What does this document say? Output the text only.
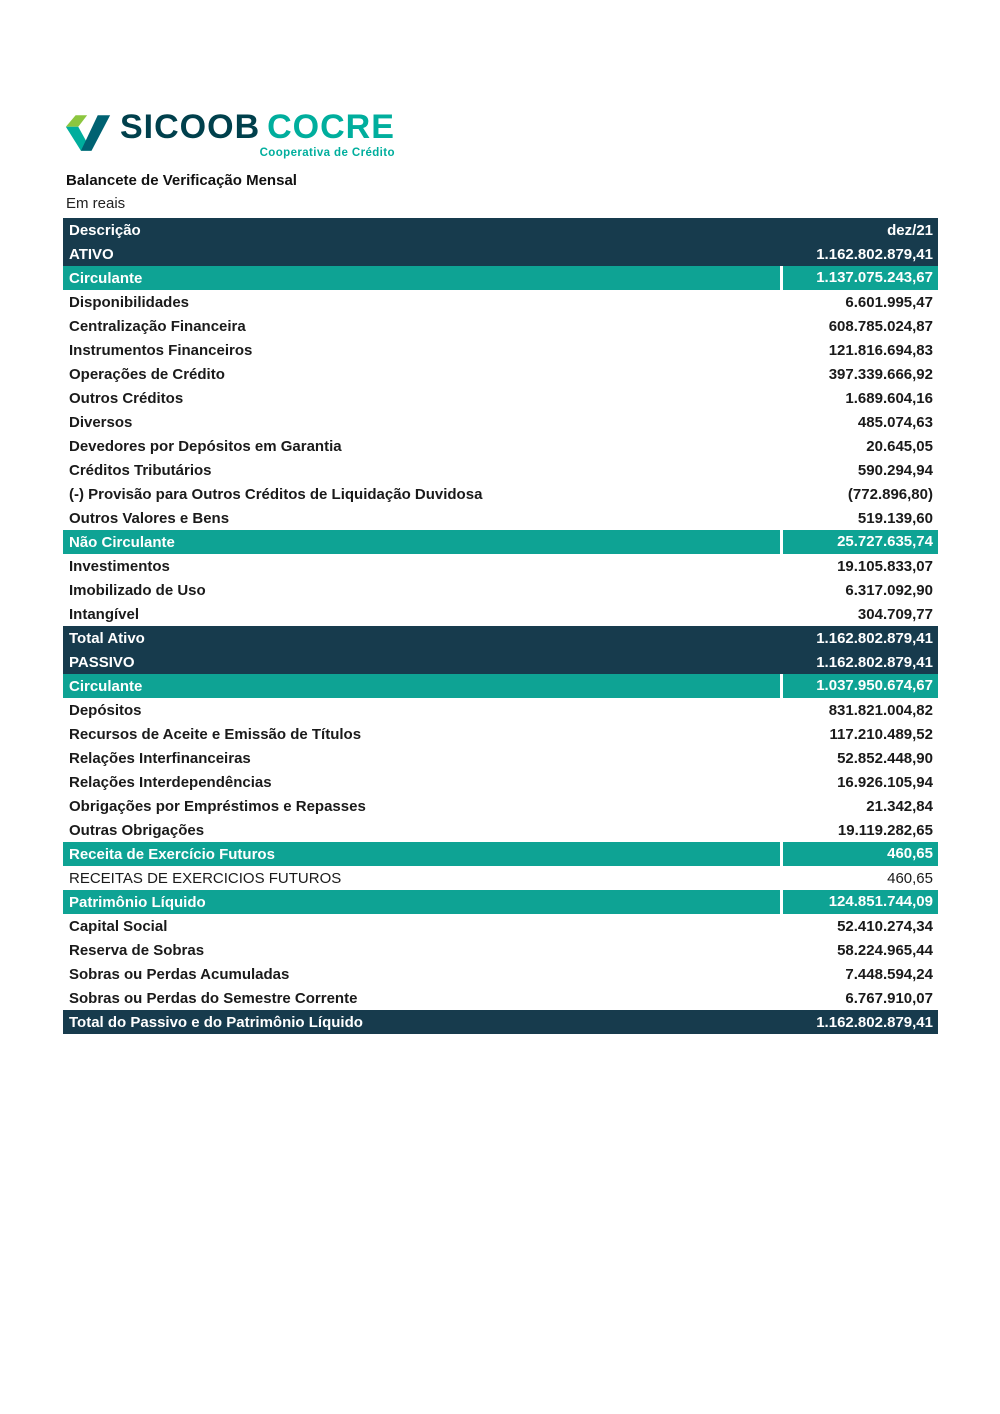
SICOOB COCRE
Cooperativa de Crédito
Balancete de Verificação Mensal
Em reais
Descrição	dez/21
ATIVO	1.162.802.879,41
Circulante	1.137.075.243,67
Disponibilidades	6.601.995,47
Centralização Financeira	608.785.024,87
Instrumentos Financeiros	121.816.694,83
Operações de Crédito	397.339.666,92
Outros Créditos	1.689.604,16
Diversos	485.074,63
Devedores por Depósitos em Garantia	20.645,05
Créditos Tributários	590.294,94
(-) Provisão para Outros Créditos de Liquidação Duvidosa	(772.896,80)
Outros Valores e Bens	519.139,60
Não Circulante	25.727.635,74
Investimentos	19.105.833,07
Imobilizado de Uso	6.317.092,90
Intangível	304.709,77
Total Ativo	1.162.802.879,41
PASSIVO	1.162.802.879,41
Circulante	1.037.950.674,67
Depósitos	831.821.004,82
Recursos de Aceite e Emissão de Títulos	117.210.489,52
Relações Interfinanceiras	52.852.448,90
Relações Interdependências	16.926.105,94
Obrigações por Empréstimos e Repasses	21.342,84
Outras Obrigações	19.119.282,65
Receita de Exercício Futuros	460,65
RECEITAS DE EXERCICIOS FUTUROS	460,65
Patrimônio Líquido	124.851.744,09
Capital Social	52.410.274,34
Reserva de Sobras	58.224.965,44
Sobras ou Perdas Acumuladas	7.448.594,24
Sobras ou Perdas do Semestre Corrente	6.767.910,07
Total do Passivo e do Patrimônio Líquido	1.162.802.879,41
